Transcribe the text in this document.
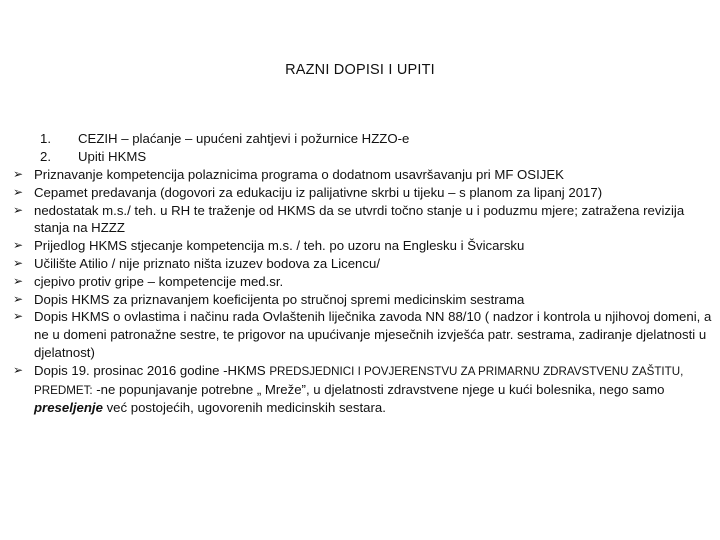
RAZNI DOPISI I UPITI
1. CEZIH – plaćanje – upućeni zahtjevi i požurnice HZZO-e
2. Upiti HKMS
➢ Priznavanje kompetencija polaznicima programa o dodatnom usavršavanju pri MF OSIJEK
➢ Cepamet predavanja (dogovori za edukaciju iz palijativne skrbi u tijeku – s planom za lipanj 2017)
➢ nedostatak m.s./ teh. u RH te traženje od HKMS da se utvrdi točno stanje u i poduzmu mjere; zatražena revizija stanja na HZZZ
➢ Prijedlog HKMS stjecanje kompetencija m.s. / teh. po uzoru na Englesku i Švicarsku
➢ Učilište Atilio / nije priznato ništa izuzev bodova za Licencu/
➢ cjepivo protiv gripe – kompetencije med.sr.
➢ Dopis HKMS za priznavanjem koeficijenta po stručnoj spremi medicinskim sestrama
➢ Dopis HKMS o ovlastima i načinu rada Ovlaštenih liječnika zavoda NN 88/10 ( nadzor i kontrola u njihovoj domeni, a ne u domeni patronažne sestre, te prigovor na upućivanje mjesečnih izvješća patr. sestrama, zadiranje djelatnosti u djelatnost)
➢ Dopis 19. prosinac 2016 godine -HKMS PREDSJEDNICI I POVJERENSTVU ZA PRIMARNU ZDRAVSTVENU ZAŠTITU, PREDMET: -ne popunjavanje potrebne „ Mreže”, u djelatnosti zdravstvene njege u kući bolesnika, nego samo preseljenje već postojećih, ugovorenih medicinskih sestara.
